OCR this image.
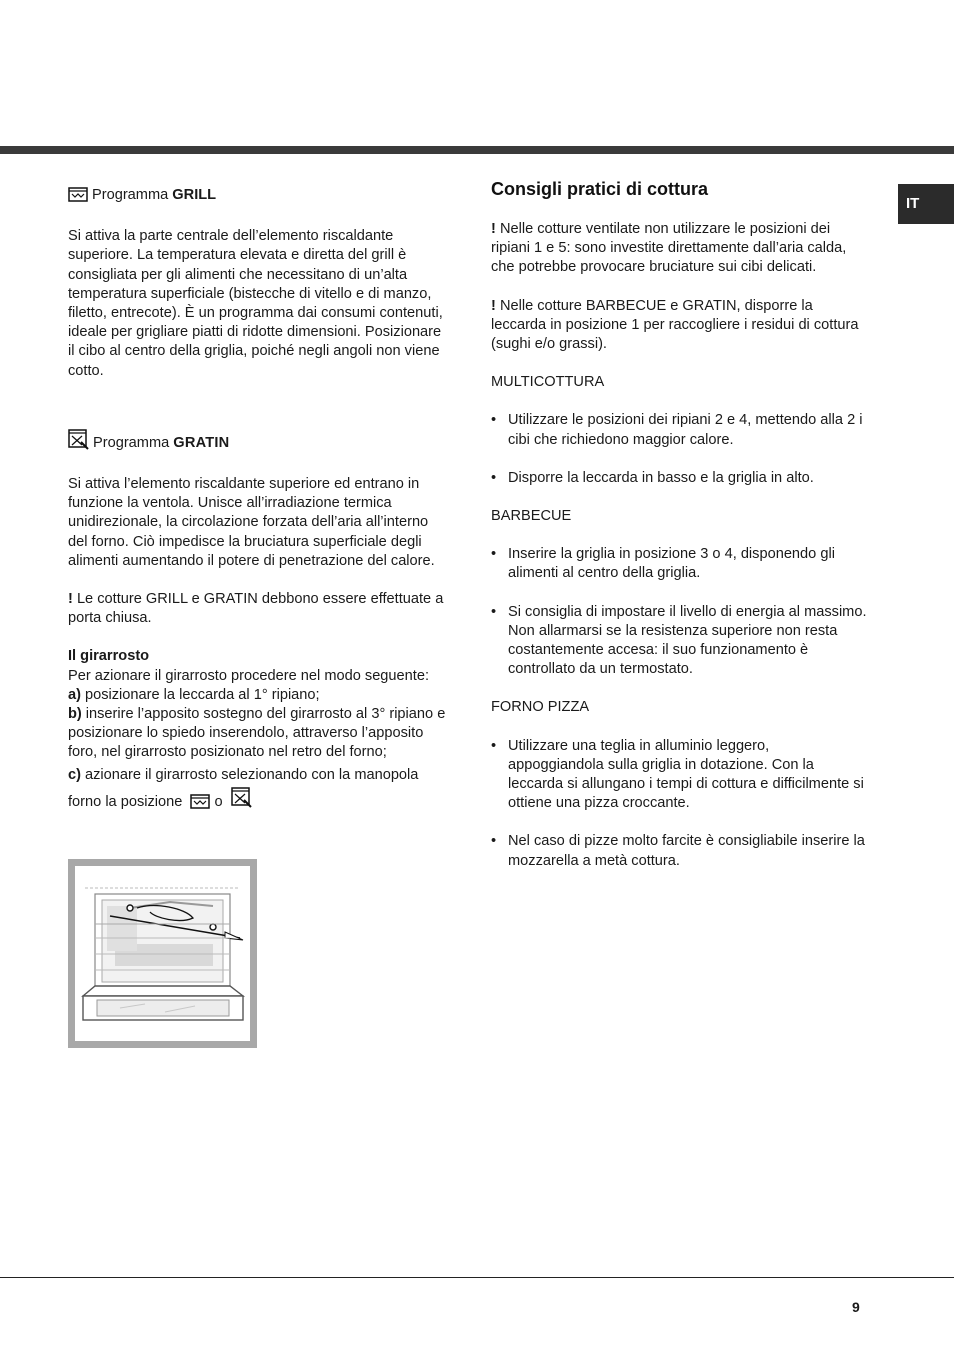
IT

Programma GRILL

Si attiva la parte centrale dell’elemento riscaldante superiore. La temperatura elevata e diretta del grill è consigliata per gli alimenti che necessitano di un’alta temperatura superficiale (bistecche di vitello e di manzo, filetto, entrecote). È un programma dai consumi contenuti, ideale per grigliare piatti di ridotte dimensioni. Posizionare il cibo al centro della griglia, poiché negli angoli non viene cotto.

Programma GRATIN

Si attiva l’elemento riscaldante superiore ed entrano in funzione la ventola. Unisce all’irradiazione termica unidirezionale, la circolazione forzata dell’aria all’interno del forno. Ciò impedisce la bruciatura superficiale degli alimenti aumentando il potere di penetrazione del calore.

! Le cotture GRILL e GRATIN debbono essere effettuate a porta chiusa.

Il girarrosto

Per azionare il girarrosto procedere nel modo seguente:

a) posizionare la leccarda al 1° ripiano;

b) inserire l’apposito sostegno del girarrosto al 3° ripiano e posizionare lo spiedo inserendolo, attraverso l’apposito foro, nel girarrosto posizionato nel retro del forno;

c) azionare il girarrosto selezionando con la manopola forno la posizione o

Consigli pratici di cottura

! Nelle cotture ventilate non utilizzare le posizioni dei ripiani 1 e 5: sono investite direttamente dall’aria calda, che potrebbe provocare bruciature sui cibi delicati.

! Nelle cotture BARBECUE e GRATIN, disporre la leccarda in posizione 1 per raccogliere i residui di cottura (sughi e/o grassi).

MULTICOTTURA

• Utilizzare le posizioni dei ripiani 2 e 4, mettendo alla 2 i cibi che richiedono maggior calore.

• Disporre la leccarda in basso e la griglia in alto.

BARBECUE

• Inserire la griglia in posizione 3 o 4, disponendo gli alimenti al centro della griglia.

• Si consiglia di impostare il livello di energia al massimo. Non allarmarsi se la resistenza superiore non resta costantemente accesa: il suo funzionamento è controllato da un termostato.

FORNO PIZZA

• Utilizzare una teglia in alluminio leggero, appoggiandola sulla griglia in dotazione. Con la leccarda si allungano i tempi di cottura e difficilmente si ottiene una pizza croccante.

• Nel caso di pizze molto farcite è consigliabile inserire la mozzarella a metà cottura.

9
